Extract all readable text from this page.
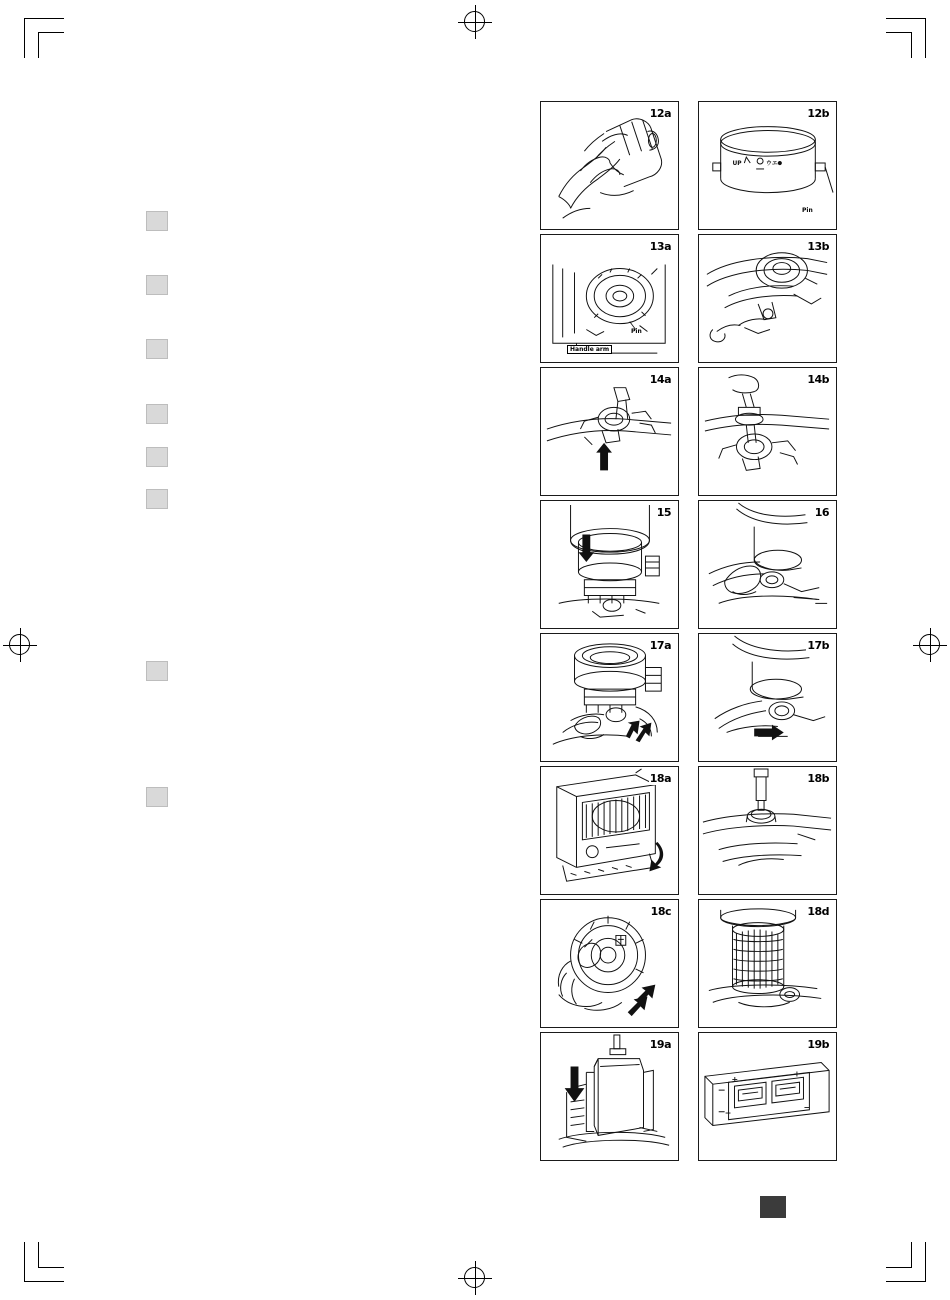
12a	12b
UP	ウエ
Pin
13a
Pin
Handle arm
13b
14a	14b
15	16
17a	17b
18a	18b
18c	18d
19a	19b
+
+
−
−
